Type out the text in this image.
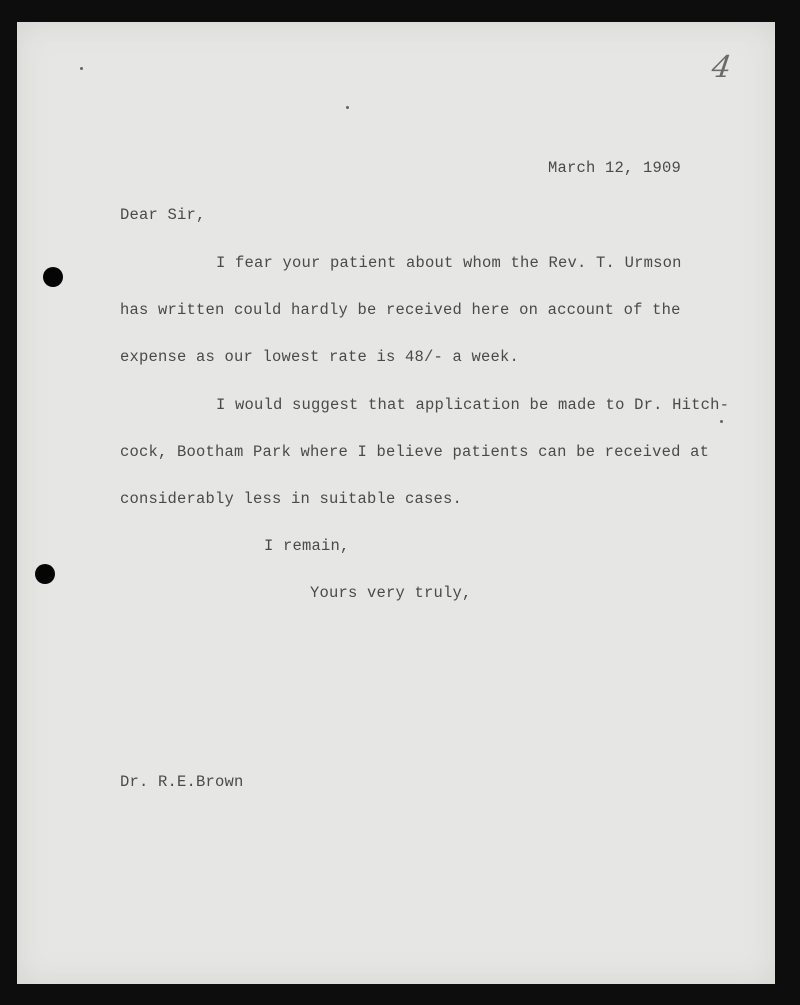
4
March 12, 1909
Dear Sir,
I fear your patient about whom the Rev. T. Urmson
has written could hardly be received here on account of the
expense as our lowest rate is 48/- a week.
I would suggest that application be made to Dr. Hitch-
cock, Bootham Park where I believe patients can be received at
considerably less in suitable cases.
I remain,
Yours very truly,
Dr. R.E.Brown
